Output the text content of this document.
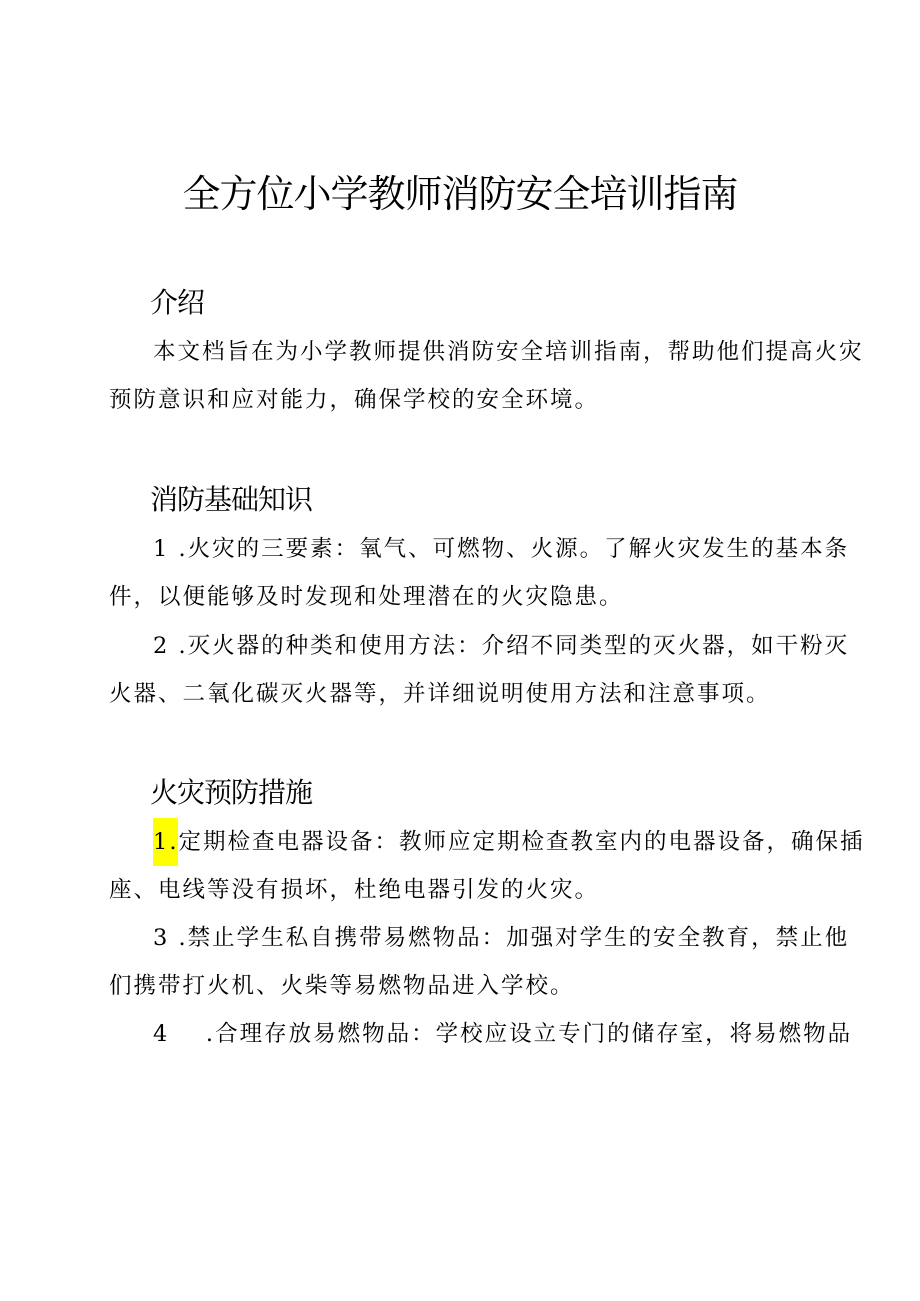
全方位小学教师消防安全培训指南
介绍
本文档旨在为小学教师提供消防安全培训指南，帮助他们提高火灾
预防意识和应对能力，确保学校的安全环境。
消防基础知识
1 .火灾的三要素：氧气、可燃物、火源。了解火灾发生的基本条
件，以便能够及时发现和处理潜在的火灾隐患。
2 .灭火器的种类和使用方法：介绍不同类型的灭火器，如干粉灭
火器、二氧化碳灭火器等，并详细说明使用方法和注意事项。
火灾预防措施
1.定期检查电器设备：教师应定期检查教室内的电器设备，确保插
座、电线等没有损坏，杜绝电器引发的火灾。
3 .禁止学生私自携带易燃物品：加强对学生的安全教育，禁止他
们携带打火机、火柴等易燃物品进入学校。
4    .合理存放易燃物品：学校应设立专门的储存室，将易燃物品
